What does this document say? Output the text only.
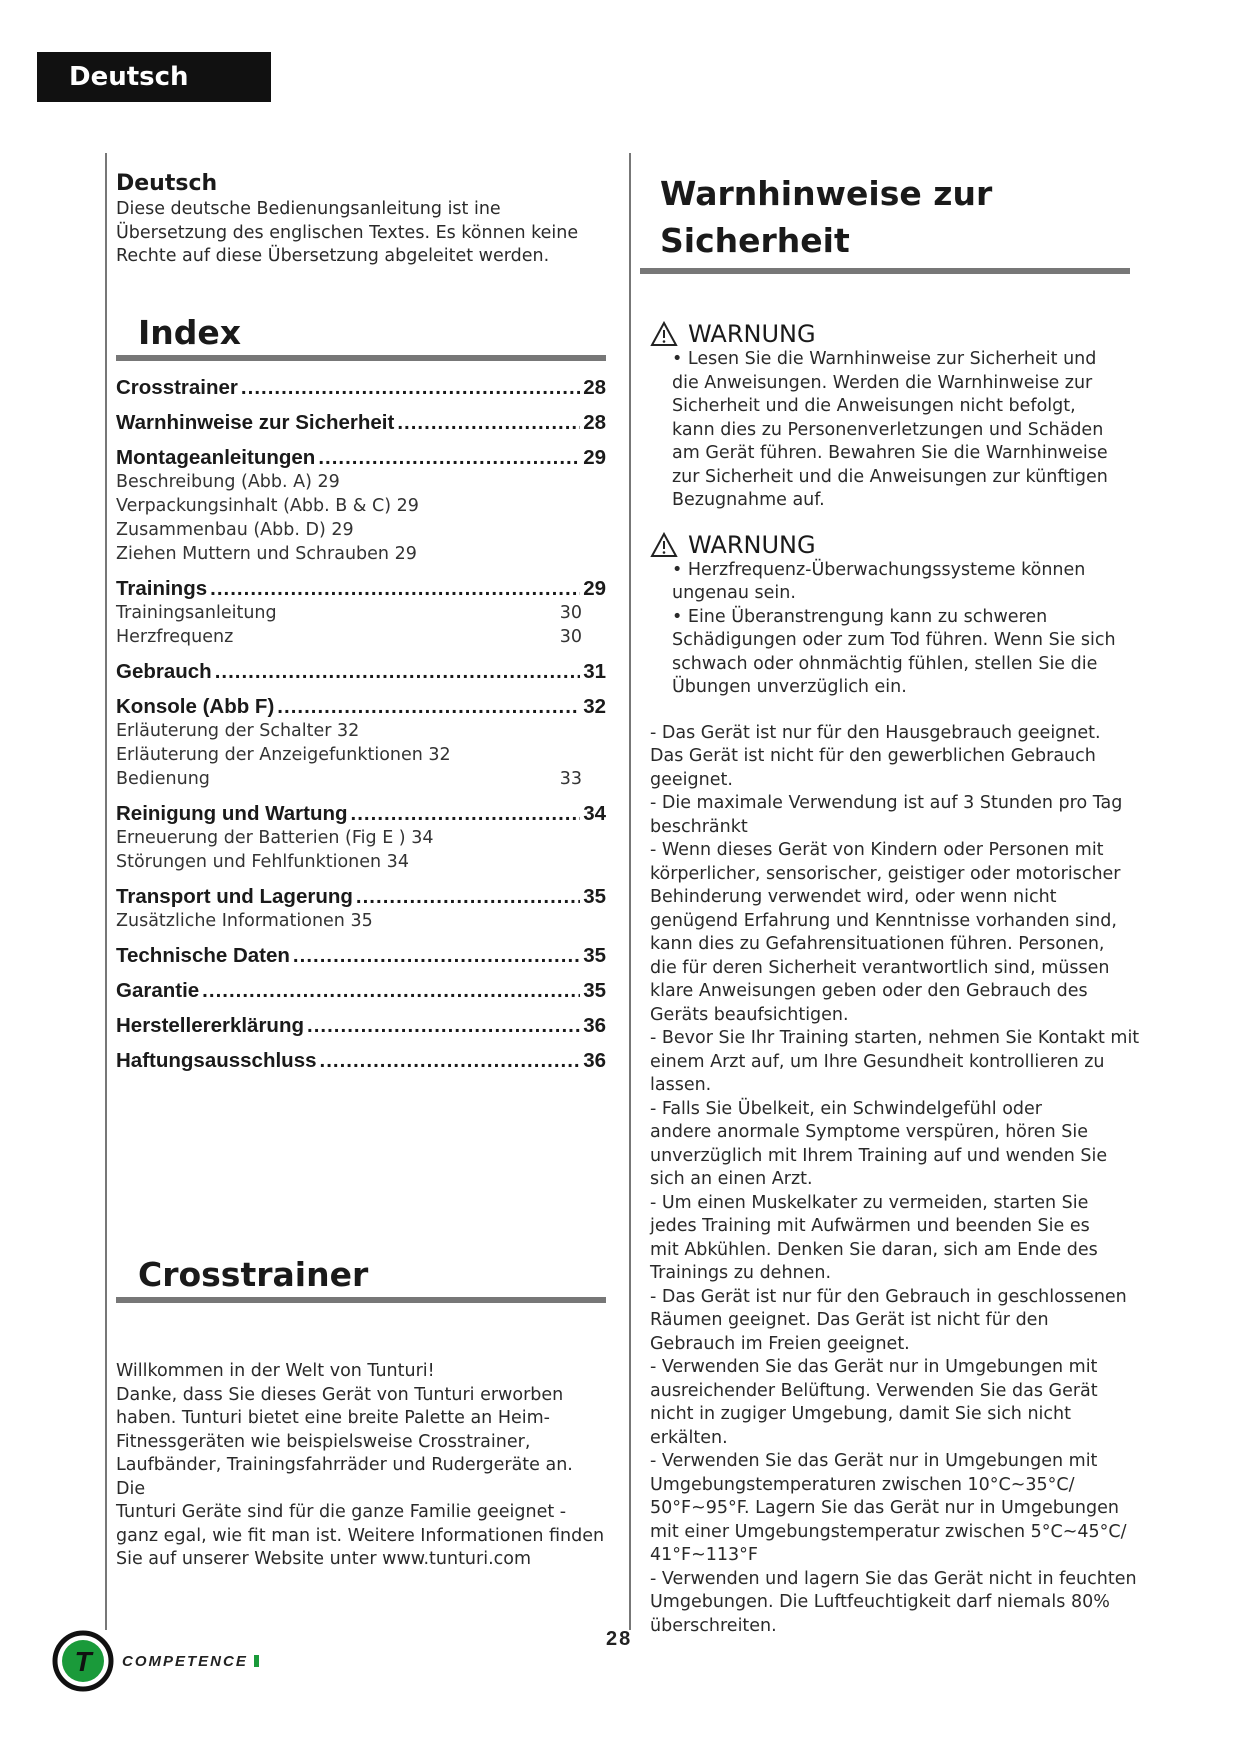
Deutsch
Deutsch
Diese deutsche Bedienungsanleitung ist ine
Übersetzung des englischen Textes. Es können keine
Rechte auf diese Übersetzung abgeleitet werden.
Index
Crosstrainer .....	28
Warnhinweise zur Sicherheit .....	28
Montageanleitungen .....	29
Beschreibung (Abb. A) 29
Verpackungsinhalt (Abb. B & C) 29
Zusammenbau (Abb. D) 29
Ziehen Muttern und Schrauben 29
Trainings .....	29
Trainingsanleitung	30
Herzfrequenz	30
Gebrauch .....	31
Konsole (Abb F) .....	32
Erläuterung der Schalter 32
Erläuterung der Anzeigefunktionen 32
Bedienung	33
Reinigung und Wartung .....	34
Erneuerung der Batterien (Fig E ) 34
Störungen und Fehlfunktionen 34
Transport und Lagerung .....	35
Zusätzliche Informationen 35
Technische Daten .....	35
Garantie .....	35
Herstellererklärung .....	36
Haftungsausschluss .....	36
Crosstrainer
Willkommen in der Welt von Tunturi!
Danke, dass Sie dieses Gerät von Tunturi erworben
haben. Tunturi bietet eine breite Palette an Heim-
Fitnessgeräten wie beispielsweise Crosstrainer,
Laufbänder, Trainingsfahrräder und Rudergeräte an. Die
Tunturi Geräte sind für die ganze Familie geeignet -
ganz egal, wie fit man ist. Weitere Informationen finden
Sie auf unserer Website unter www.tunturi.com
Warnhinweise zur
Sicherheit
WARNUNG
• Lesen Sie die Warnhinweise zur Sicherheit und
die Anweisungen. Werden die Warnhinweise zur
Sicherheit und die Anweisungen nicht befolgt,
kann dies zu Personenverletzungen und Schäden
am Gerät führen. Bewahren Sie die Warnhinweise
zur Sicherheit und die Anweisungen zur künftigen
Bezugnahme auf.
WARNUNG
• Herzfrequenz-Überwachungssysteme können
ungenau sein.
• Eine Überanstrengung kann zu schweren
Schädigungen oder zum Tod führen. Wenn Sie sich
schwach oder ohnmächtig fühlen, stellen Sie die
Übungen unverzüglich ein.
- Das Gerät ist nur für den Hausgebrauch geeignet.
Das Gerät ist nicht für den gewerblichen Gebrauch
geeignet.
- Die maximale Verwendung ist auf 3 Stunden pro Tag
beschränkt
- Wenn dieses Gerät von Kindern oder Personen mit
körperlicher, sensorischer, geistiger oder motorischer
Behinderung verwendet wird, oder wenn nicht
genügend Erfahrung und Kenntnisse vorhanden sind,
kann dies zu Gefahrensituationen führen. Personen,
die für deren Sicherheit verantwortlich sind, müssen
klare Anweisungen geben oder den Gebrauch des
Geräts beaufsichtigen.
- Bevor Sie Ihr Training starten, nehmen Sie Kontakt mit
einem Arzt auf, um Ihre Gesundheit kontrollieren zu
lassen.
- Falls Sie Übelkeit, ein Schwindelgefühl oder
andere anormale Symptome verspüren, hören Sie
unverzüglich mit Ihrem Training auf und wenden Sie
sich an einen Arzt.
- Um einen Muskelkater zu vermeiden, starten Sie
jedes Training mit Aufwärmen und beenden Sie es
mit Abkühlen. Denken Sie daran, sich am Ende des
Trainings zu dehnen.
- Das Gerät ist nur für den Gebrauch in geschlossenen
Räumen geeignet. Das Gerät ist nicht für den
Gebrauch im Freien geeignet.
- Verwenden Sie das Gerät nur in Umgebungen mit
ausreichender Belüftung. Verwenden Sie das Gerät
nicht in zugiger Umgebung, damit Sie sich nicht
erkälten.
- Verwenden Sie das Gerät nur in Umgebungen mit
Umgebungstemperaturen zwischen 10°C~35°C/
50°F~95°F. Lagern Sie das Gerät nur in Umgebungen
mit einer Umgebungstemperatur zwischen 5°C~45°C/
41°F~113°F
- Verwenden und lagern Sie das Gerät nicht in feuchten
Umgebungen. Die Luftfeuchtigkeit darf niemals 80%
überschreiten.
T COMPETENCE
28
